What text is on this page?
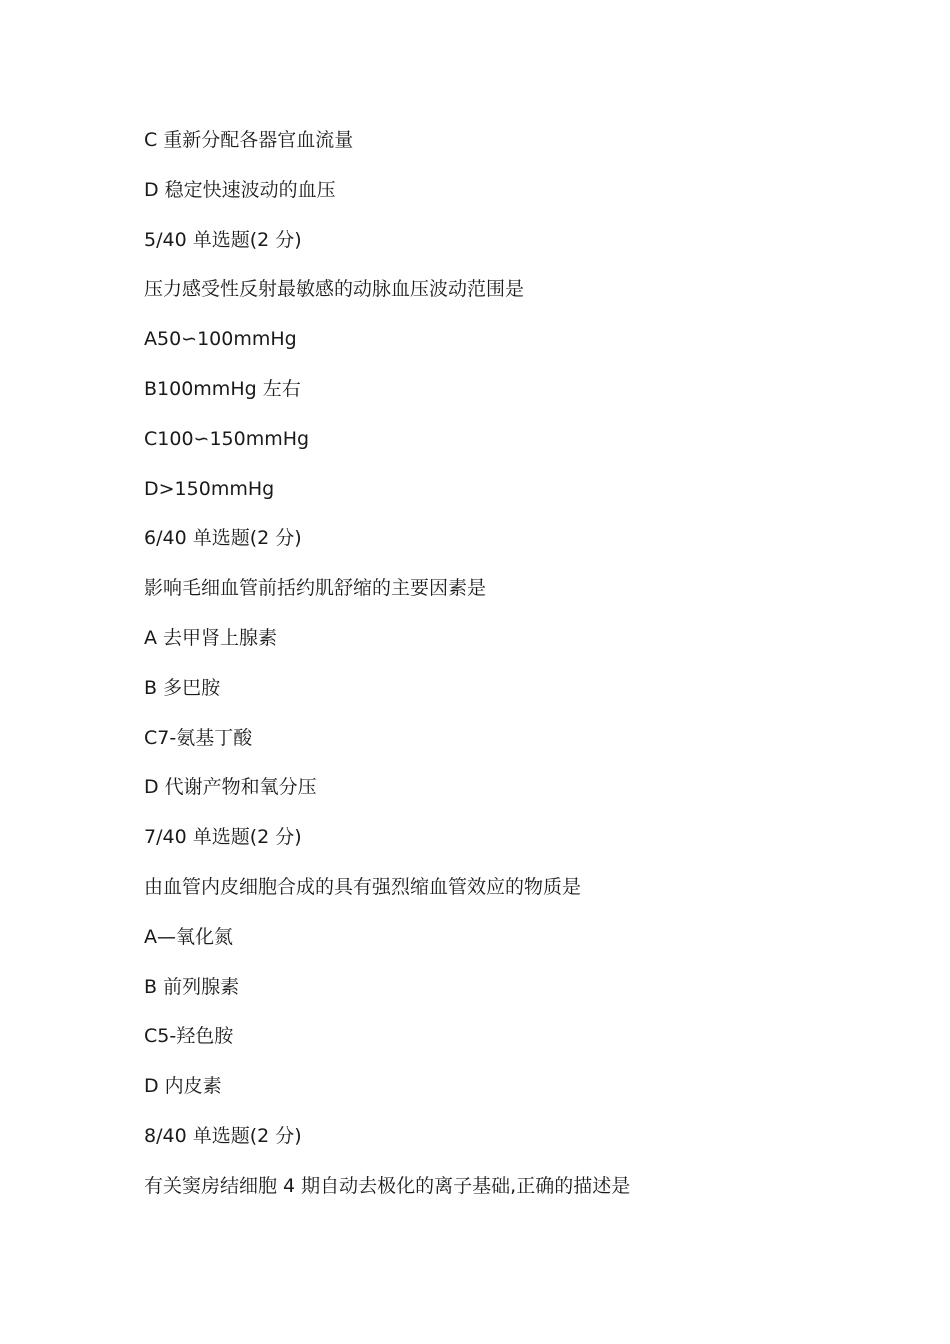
C 重新分配各器官血流量

D 稳定快速波动的血压

5/40 单选题(2 分)

压力感受性反射最敏感的动脉血压波动范围是

A50∽100mmHg

B100mmHg 左右

C100∽150mmHg

D>150mmHg

6/40 单选题(2 分)

影响毛细血管前括约肌舒缩的主要因素是

A 去甲肾上腺素

B 多巴胺

C7-氨基丁酸

D 代谢产物和氧分压

7/40 单选题(2 分)

由血管内皮细胞合成的具有强烈缩血管效应的物质是

A—氧化氮

B 前列腺素

C5-羟色胺

D 内皮素

8/40 单选题(2 分)

有关窦房结细胞 4 期自动去极化的离子基础,正确的描述是
